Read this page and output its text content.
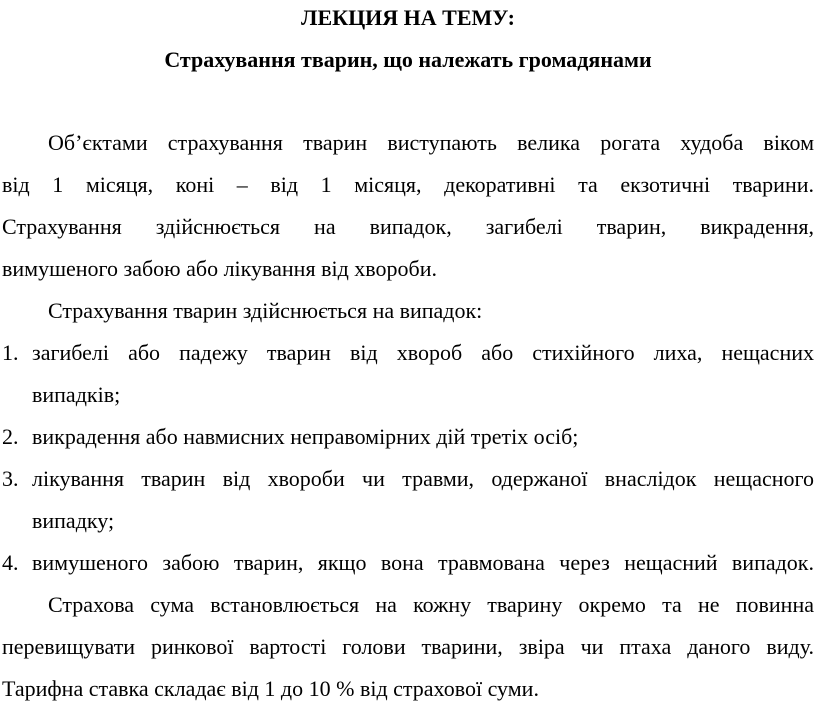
ЛЕКЦИЯ НА ТЕМУ:
Страхування тварин, що належать громадянами
Об’єктами страхування тварин виступають велика рогата худоба віком
від 1 місяця, коні – від 1 місяця, декоративні та екзотичні тварини.
Страхування здійснюється на випадок, загибелі тварин, викрадення,
вимушеного забою або лікування від хвороби.
Страхування тварин здійснюється на випадок:
1. загибелі або падежу тварин від хвороб або стихійного лиха, нещасних
випадків;
2. викрадення або навмисних неправомірних дій третіх осіб;
3. лікування тварин від хвороби чи травми, одержаної внаслідок нещасного
випадку;
4. вимушеного забою тварин, якщо вона травмована через нещасний випадок.
Страхова сума встановлюється на кожну тварину окремо та не повинна
перевищувати ринкової вартості голови тварини, звіра чи птаха даного виду.
Тарифна ставка складає від 1 до 10 % від страхової суми.
